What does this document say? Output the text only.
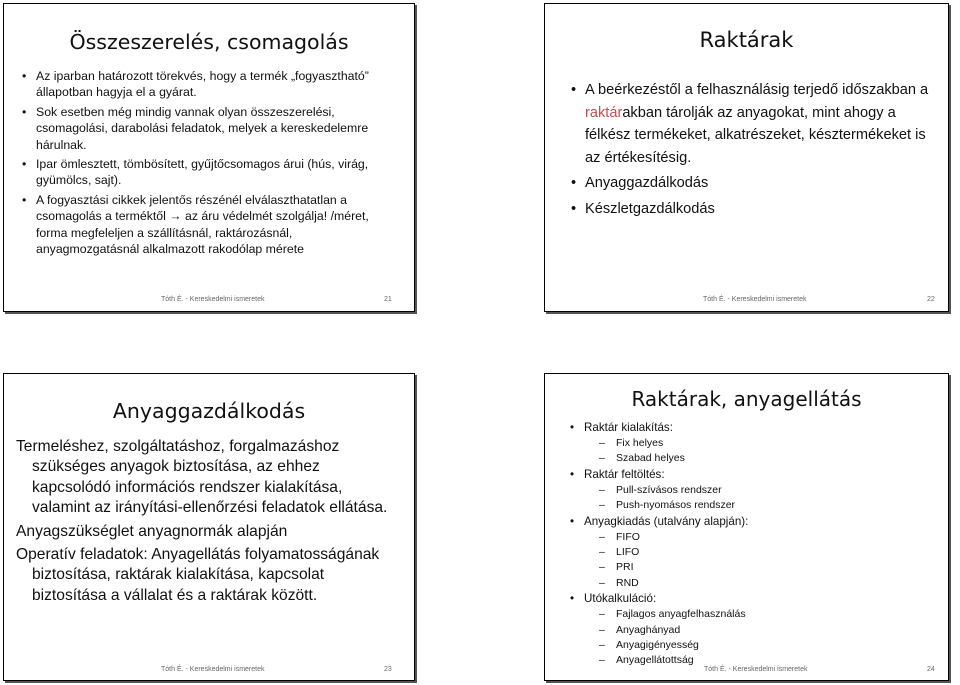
Összeszerelés, csomagolás
• Az iparban határozott törekvés, hogy a termék „fogyasztható” állapotban hagyja el a gyárat.
• Sok esetben még mindig vannak olyan összeszerelési, csomagolási, darabolási feladatok, melyek a kereskedelemre hárulnak.
• Ipar ömlesztett, tömbösített, gyűjtőcsomagos árui (hús, virág, gyümölcs, sajt).
• A fogyasztási cikkek jelentős részénél elválaszthatatlan a csomagolás a terméktől → az áru védelmét szolgálja! /méret, forma megfeleljen a szállításnál, raktározásnál, anyagmozgatásnál alkalmazott rakodólap mérete
Tóth É. - Kereskedelmi ismeretek	21
Raktárak
• A beérkezéstől a felhasználásig terjedő időszakban a raktárakban tárolják az anyagokat, mint ahogy a félkész termékeket, alkatrészeket, késztermékeket is az értékesítésig.
• Anyaggazdálkodás
• Készletgazdálkodás
Tóth É. - Kereskedelmi ismeretek	22
Anyaggazdálkodás

Termeléshez, szolgáltatáshoz, forgalmazáshoz szükséges anyagok biztosítása, az ehhez kapcsolódó információs rendszer kialakítása, valamint az irányítási-ellenőrzési feladatok ellátása.

Anyagszükséglet anyagnormák alapján

Operatív feladatok: Anyagellátás folyamatosságának biztosítása, raktárak kialakítása, kapcsolat biztosítása a vállalat és a raktárak között.

Tóth É. - Kereskedelmi ismeretek	23
Raktárak, anyagellátás
• Raktár kialakítás:
– Fix helyes
– Szabad helyes
• Raktár feltöltés:
– Pull-szívásos rendszer
– Push-nyomásos rendszer
• Anyagkiadás (utalvány alapján):
– FIFO
– LIFO
– PRI
– RND
• Utókalkuláció:
– Fajlagos anyagfelhasználás
– Anyaghányad
– Anyagigényesség
– Anyagellátottság
Tóth É. - Kereskedelmi ismeretek	24
